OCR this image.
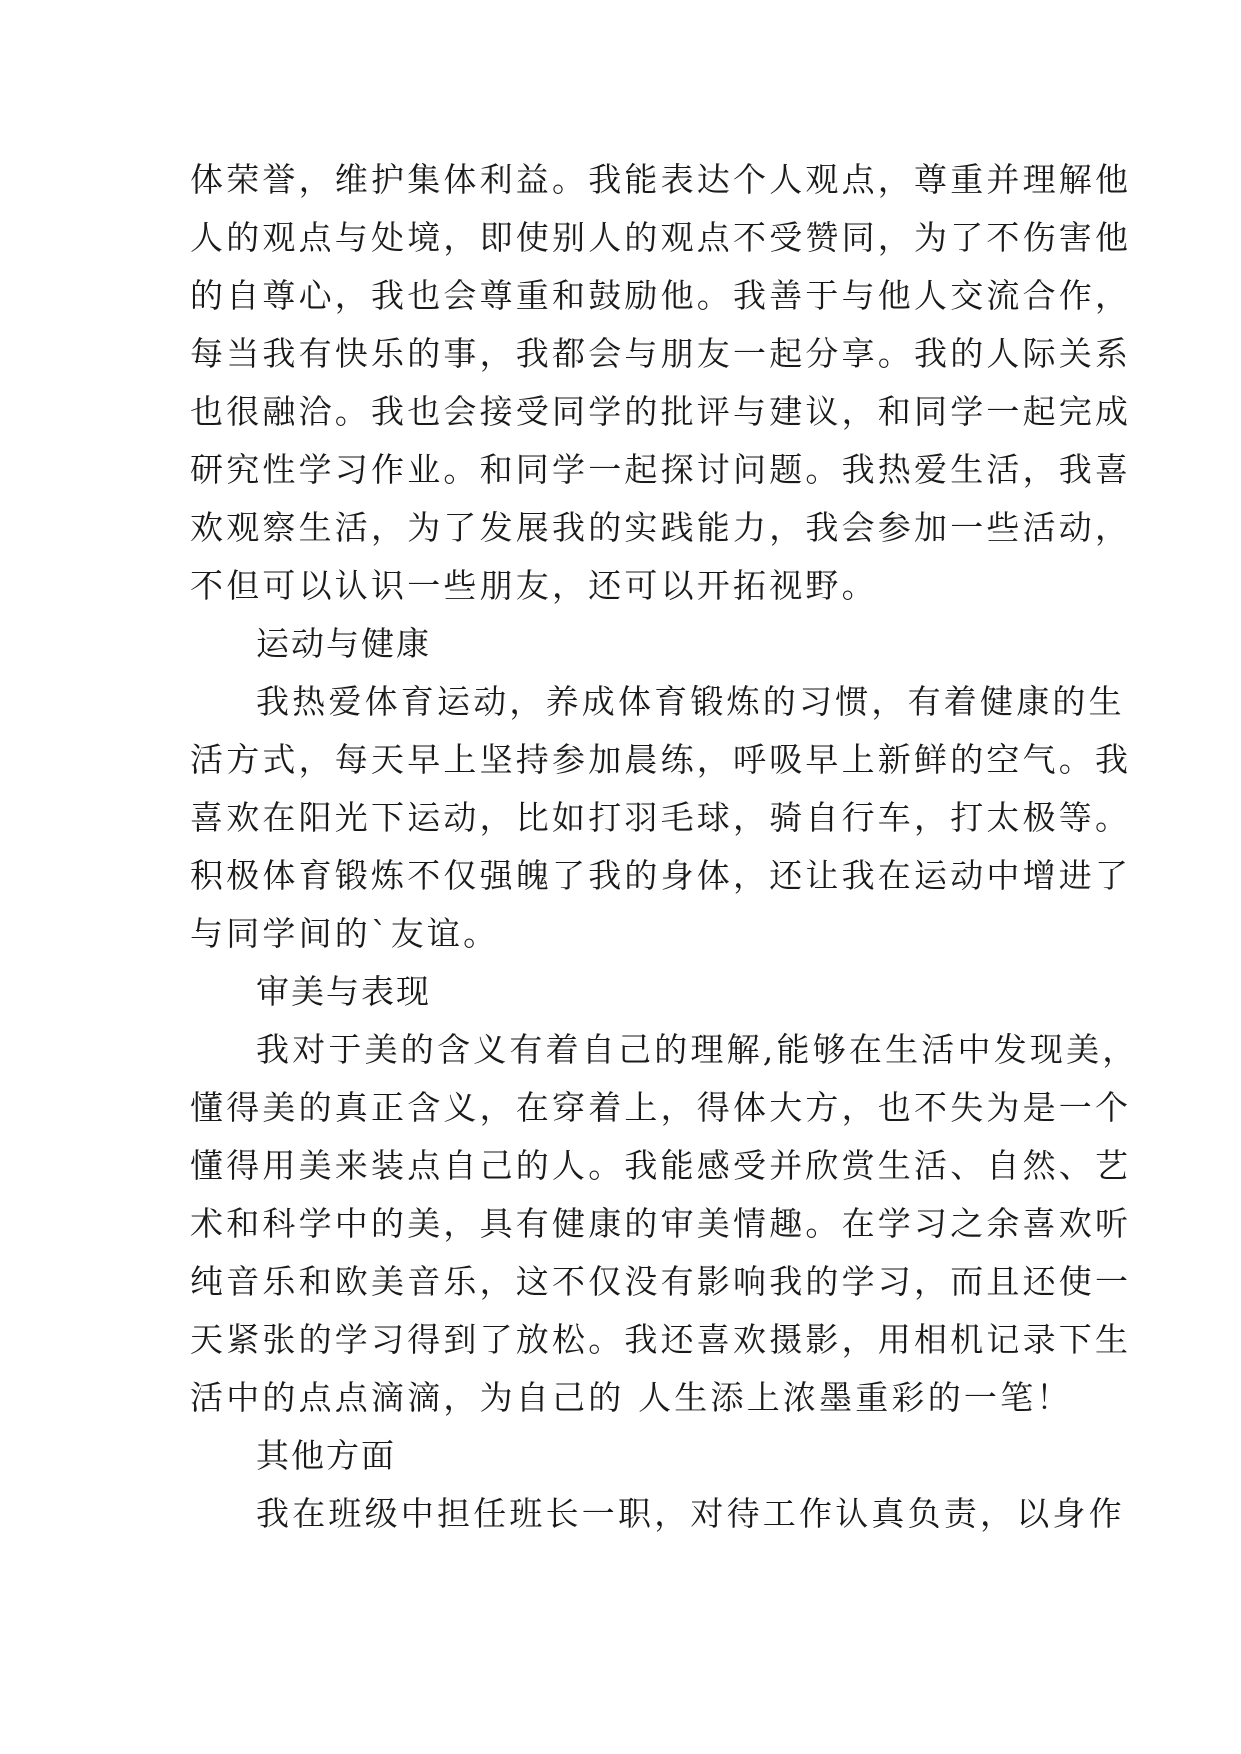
体荣誉，维护集体利益。我能表达个人观点，尊重并理解他
人的观点与处境，即使别人的观点不受赞同，为了不伤害他
的自尊心，我也会尊重和鼓励他。我善于与他人交流合作，
每当我有快乐的事，我都会与朋友一起分享。我的人际关系
也很融洽。我也会接受同学的批评与建议，和同学一起完成
研究性学习作业。和同学一起探讨问题。我热爱生活，我喜
欢观察生活，为了发展我的实践能力，我会参加一些活动，
不但可以认识一些朋友，还可以开拓视野。
运动与健康
我热爱体育运动，养成体育锻炼的习惯，有着健康的生
活方式，每天早上坚持参加晨练，呼吸早上新鲜的空气。我
喜欢在阳光下运动，比如打羽毛球，骑自行车，打太极等。
积极体育锻炼不仅强魄了我的身体，还让我在运动中增进了
与同学间的`友谊。
审美与表现
我对于美的含义有着自己的理解,能够在生活中发现美，
懂得美的真正含义，在穿着上，得体大方，也不失为是一个
懂得用美来装点自己的人。我能感受并欣赏生活、自然、艺
术和科学中的美，具有健康的审美情趣。在学习之余喜欢听
纯音乐和欧美音乐，这不仅没有影响我的学习，而且还使一
天紧张的学习得到了放松。我还喜欢摄影，用相机记录下生
活中的点点滴滴，为自己的 人生添上浓墨重彩的一笔！
其他方面
我在班级中担任班长一职，对待工作认真负责，以身作
